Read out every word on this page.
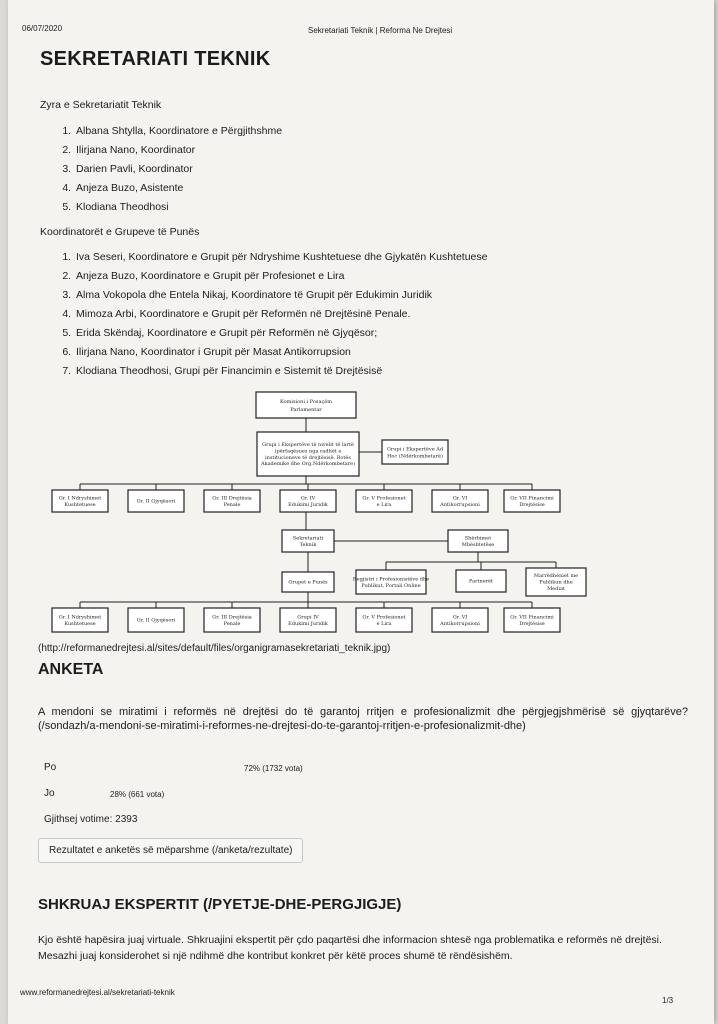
06/07/2020	Sekretariati Teknik | Reforma Ne Drejtesi
SEKRETARIATI TEKNIK
Zyra e Sekretariatit Teknik
1. Albana Shtylla, Koordinatore e Përgjithshme
2. Ilirjana Nano, Koordinator
3. Darien Pavli, Koordinator
4. Anjeza Buzo, Asistente
5. Klodiana Theodhosi
Koordinatorët e Grupeve të Punës
1. Iva Seseri, Koordinatore e Grupit për Ndryshime Kushtetuese dhe Gjykatën Kushtetuese
2. Anjeza Buzo, Koordinatore e Grupit për Profesionet e Lira
3. Alma Vokopola dhe Entela Nikaj, Koordinatore të Grupit për Edukimin Juridik
4. Mimoza Arbi, Koordinatore e Grupit për Reformën në Drejtësinë Penale.
5. Erida Skëndaj, Koordinatore e Grupit për Reformën në Gjyqësor;
6. Ilirjana Nano, Koordinator i Grupit për Masat Antikorrupsion
7. Klodiana Theodhosi, Grupi për Financimin e Sistemit të Drejtësisë
Komisioni i Posaçëm
Parlamentar
Grupi i Ekspertëve të nivelit të lartë
(përfaqësues nga radhët e
institucioneve të drejtësisë, Botës
Akademike dhe Org.Ndërkombetare)
Grupi i Ekspertëve Ad
Hoc (Ndërkombetarë)
Gr. I Ndryshimet
Kushtetuese
Gr. II Gjyqësori
Gr. III Drejtësia
Penale
Gr. IV
Edukimi Juridik
Gr. V Profesionet
e Lira
Gr. VI
Antikorrupsioni
Gr. VII Financimi
Drejtësise
Sekretariati
Teknik
Shërbimet
Mbështetëse
Grupet e Punës
Regjistri i Profesionistëve dhe
Publikut, Portali Online
Partnerët
Marrëdhëniet me
Publikun dhe
Mediat
Gr. I Ndryshimet
Kushtetuese
Gr. II Gjyqësori
Gr. III Drejtësia
Penale
Grupi IV
Edukimi Juridik
Gr. V Profesionet
e Lira
Gr. VI
Antikorrupsioni
Gr. VII Financimi
Drejtësise
(http://reformanedrejtesi.al/sites/default/files/organigramasekretariati_teknik.jpg)
ANKETA
A mendoni se miratimi i reformës në drejtësi do të garantoj rritjen e profesionalizmit dhe përgjegjshmërisë së gjyqtarëve? (/sondazh/a-mendoni-se-miratimi-i-reformes-ne-drejtesi-do-te-garantoj-rritjen-e-profesionalizmit-dhe)
Po	72% (1732 vota)
Jo	28% (661 vota)
Gjithsej votime: 2393
Rezultatet e anketës së mëparshme (/anketa/rezultate)
SHKRUAJ EKSPERTIT (/PYETJE-DHE-PERGJIGJE)
Kjo është hapësira juaj virtuale. Shkruajini ekspertit për çdo paqartësi dhe informacion shtesë nga problematika e reformës në drejtësi. Mesazhi juaj konsiderohet si një ndihmë dhe kontribut konkret për këtë proces shumë të rëndësishëm.
www.reformanedrejtesi.al/sekretariati-teknik
1/3
